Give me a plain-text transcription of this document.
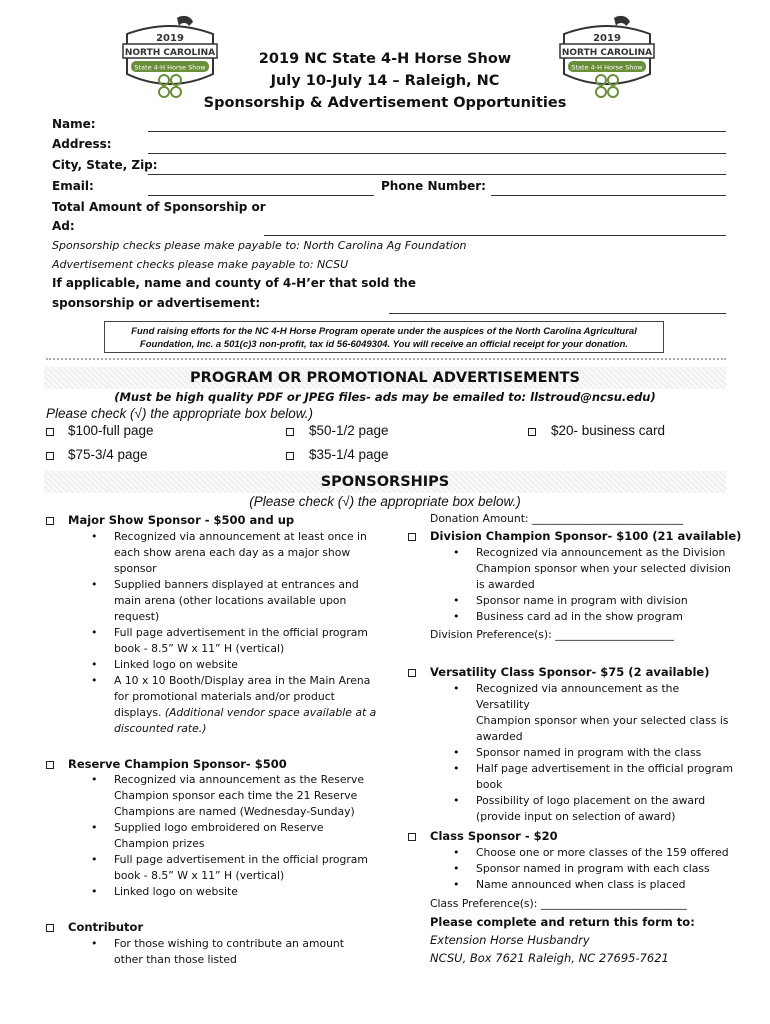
2019
NORTH CAROLINA
State 4-H Horse Show
2019
NORTH CAROLINA
State 4-H Horse Show
2019 NC State 4-H Horse Show
July 10-July 14 – Raleigh, NC
Sponsorship & Advertisement Opportunities
Name:
Address:
City, State, Zip:
Email:	Phone Number:
Total Amount of Sponsorship or
Ad:
Sponsorship checks please make payable to: North Carolina Ag Foundation
Advertisement checks please make payable to: NCSU
If applicable, name and county of 4-H’er that sold the
sponsorship or advertisement:
Fund raising efforts for the NC 4-H Horse Program operate under the auspices of the North Carolina Agricultural
Foundation, Inc. a 501(c)3 non-profit, tax id 56-6049304. You will receive an official receipt for your donation.
PROGRAM OR PROMOTIONAL ADVERTISEMENTS
(Must be high quality PDF or JPEG files- ads may be emailed to: llstroud@ncsu.edu)
Please check (√) the appropriate box below.)
$100-full page	$50-1/2 page	$20- business card
$75-3/4 page	$35-1/4 page
SPONSORSHIPS
(Please check (√) the appropriate box below.)
Major Show Sponsor - $500 and up
• Recognized via announcement at least once in
each show arena each day as a major show
sponsor
• Supplied banners displayed at entrances and
main arena (other locations available upon
request)
• Full page advertisement in the official program
book - 8.5” W x 11” H (vertical)
• Linked logo on website
• A 10 x 10 Booth/Display area in the Main Arena
for promotional materials and/or product
displays. (Additional vendor space available at a
discounted rate.)
Reserve Champion Sponsor- $500
• Recognized via announcement as the Reserve
Champion sponsor each time the 21 Reserve
Champions are named (Wednesday-Sunday)
• Supplied logo embroidered on Reserve
Champion prizes
• Full page advertisement in the official program
book - 8.5” W x 11” H (vertical)
• Linked logo on website
Contributor
• For those wishing to contribute an amount
other than those listed
Donation Amount: ____________________________
Division Champion Sponsor- $100 (21 available)
• Recognized via announcement as the Division
Champion sponsor when your selected division
is awarded
• Sponsor name in program with division
• Business card ad in the show program
Division Preference(s): ______________________
Versatility Class Sponsor- $75 (2 available)
• Recognized via announcement as the Versatility
Champion sponsor when your selected class is
awarded
• Sponsor named in program with the class
• Half page advertisement in the official program
book
• Possibility of logo placement on the award
(provide input on selection of award)
Class Sponsor - $20
• Choose one or more classes of the 159 offered
• Sponsor named in program with each class
• Name announced when class is placed
Class Preference(s): ___________________________
Please complete and return this form to:
Extension Horse Husbandry
NCSU, Box 7621 Raleigh, NC 27695-7621
